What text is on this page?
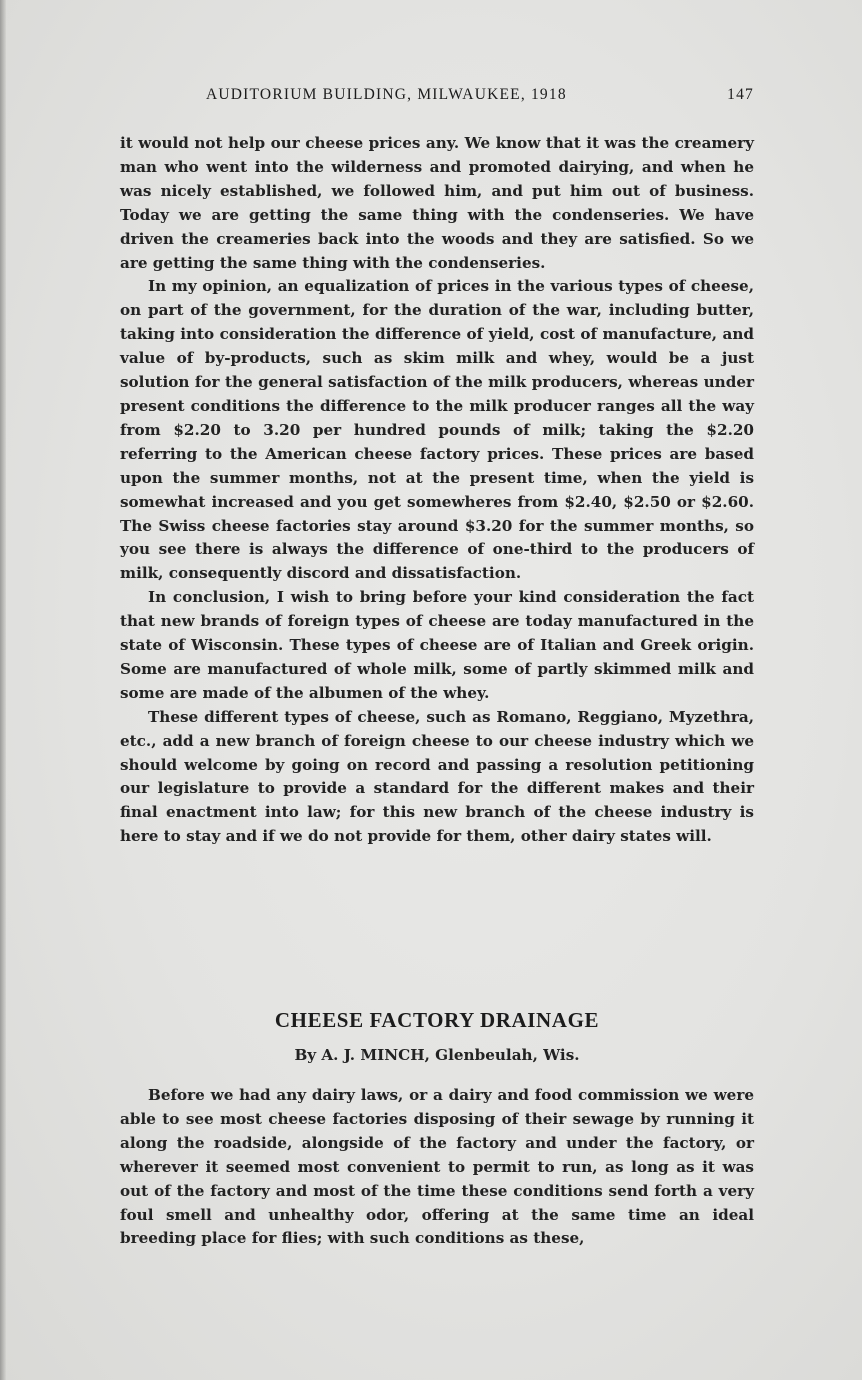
AUDITORIUM BUILDING, MILWAUKEE, 1918	147

it would not help our cheese prices any. We know that it was the creamery man who went into the wilderness and promoted dairying, and when he was nicely established, we followed him, and put him out of business. Today we are getting the same thing with the condenseries. We have driven the creameries back into the woods and they are satisfied. So we are getting the same thing with the condenseries.

In my opinion, an equalization of prices in the various types of cheese, on part of the government, for the duration of the war, including butter, taking into consideration the difference of yield, cost of manufacture, and value of by-products, such as skim milk and whey, would be a just solution for the general satisfaction of the milk producers, whereas under present conditions the difference to the milk producer ranges all the way from $2.20 to 3.20 per hundred pounds of milk; taking the $2.20 referring to the American cheese factory prices. These prices are based upon the summer months, not at the present time, when the yield is somewhat increased and you get somewheres from $2.40, $2.50 or $2.60. The Swiss cheese factories stay around $3.20 for the summer months, so you see there is always the difference of one-third to the producers of milk, consequently discord and dissatisfaction.

In conclusion, I wish to bring before your kind consideration the fact that new brands of foreign types of cheese are today manufactured in the state of Wisconsin. These types of cheese are of Italian and Greek origin. Some are manufactured of whole milk, some of partly skimmed milk and some are made of the albumen of the whey.

These different types of cheese, such as Romano, Reggiano, Myzethra, etc., add a new branch of foreign cheese to our cheese industry which we should welcome by going on record and passing a resolution petitioning our legislature to provide a standard for the different makes and their final enactment into law; for this new branch of the cheese industry is here to stay and if we do not provide for them, other dairy states will.

CHEESE FACTORY DRAINAGE
By A. J. MINCH, Glenbeulah, Wis.

Before we had any dairy laws, or a dairy and food commission we were able to see most cheese factories disposing of their sewage by running it along the roadside, alongside of the factory and under the factory, or wherever it seemed most convenient to permit to run, as long as it was out of the factory and most of the time these conditions send forth a very foul smell and unhealthy odor, offering at the same time an ideal breeding place for flies; with such conditions as these,
